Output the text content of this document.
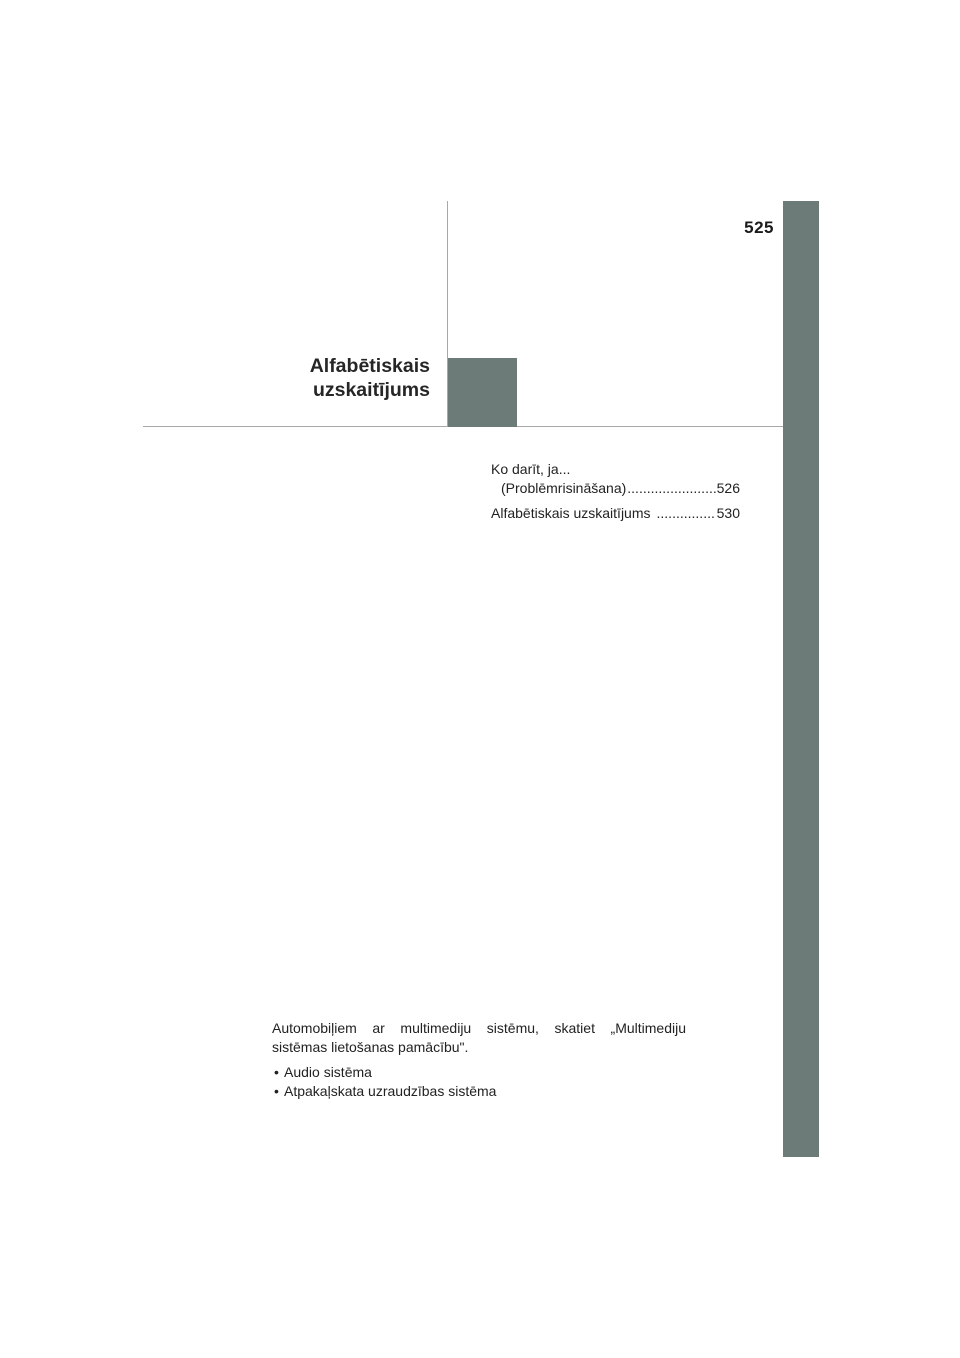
525
Alfabētiskais
uzskaitījums
Ko darīt, ja...
(Problēmrisināšana) .....	526
Alfabētiskais uzskaitījums .....	530

Automobiļiem ar multimediju sistēmu, skatiet „Multimediju sistēmas lietošanas pamācību".

• Audio sistēma
• Atpakaļskata uzraudzības sistēma
